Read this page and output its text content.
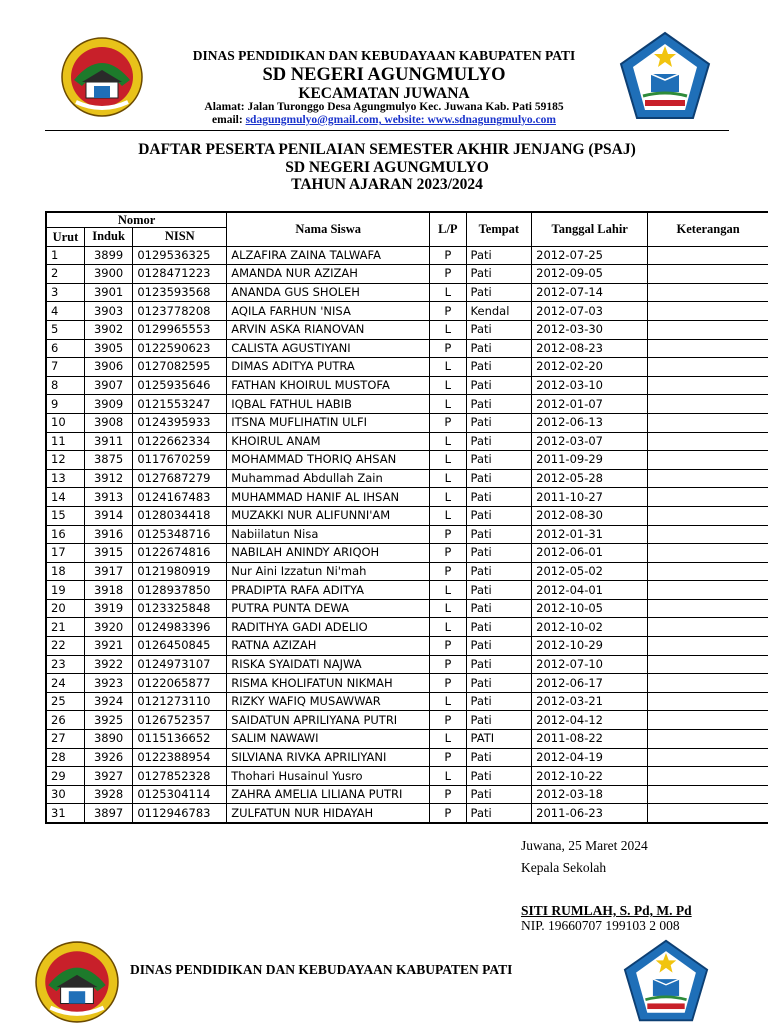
DINAS PENDIDIKAN DAN KEBUDAYAAN KABUPATEN PATI
SD NEGERI AGUNGMULYO
KECAMATAN JUWANA
Alamat: Jalan Turonggo Desa Agungmulyo Kec. Juwana Kab. Pati 59185
email: sdagungmulyo@gmail.com, website: www.sdnagungmulyo.com
DAFTAR PESERTA PENILAIAN SEMESTER AKHIR JENJANG (PSAJ)
SD NEGERI AGUNGMULYO
TAHUN AJARAN 2023/2024
Nomor			Nama Siswa	L/P	Tempat	Tanggal Lahir	Keterangan
Urut	Induk	NISN					
1	3899	0129536325	ALZAFIRA ZAINA TALWAFA	P	Pati	2012-07-25	
2	3900	0128471223	AMANDA NUR AZIZAH	P	Pati	2012-09-05	
3	3901	0123593568	ANANDA GUS SHOLEH	L	Pati	2012-07-14	
4	3903	0123778208	AQILA FARHUN 'NISA	P	Kendal	2012-07-03	
5	3902	0129965553	ARVIN ASKA RIANOVAN	L	Pati	2012-03-30	
6	3905	0122590623	CALISTA AGUSTIYANI	P	Pati	2012-08-23	
7	3906	0127082595	DIMAS ADITYA PUTRA	L	Pati	2012-02-20	
8	3907	0125935646	FATHAN KHOIRUL MUSTOFA	L	Pati	2012-03-10	
9	3909	0121553247	IQBAL FATHUL HABIB	L	Pati	2012-01-07	
10	3908	0124395933	ITSNA MUFLIHATIN ULFI	P	Pati	2012-06-13	
11	3911	0122662334	KHOIRUL ANAM	L	Pati	2012-03-07	
12	3875	0117670259	MOHAMMAD THORIQ AHSAN	L	Pati	2011-09-29	
13	3912	0127687279	Muhammad Abdullah Zain	L	Pati	2012-05-28	
14	3913	0124167483	MUHAMMAD HANIF AL IHSAN	L	Pati	2011-10-27	
15	3914	0128034418	MUZAKKI NUR ALIFUNNI'AM	L	Pati	2012-08-30	
16	3916	0125348716	Nabiilatun Nisa	P	Pati	2012-01-31	
17	3915	0122674816	NABILAH ANINDY ARIQOH	P	Pati	2012-06-01	
18	3917	0121980919	Nur Aini Izzatun Ni'mah	P	Pati	2012-05-02	
19	3918	0128937850	PRADIPTA RAFA ADITYA	L	Pati	2012-04-01	
20	3919	0123325848	PUTRA PUNTA DEWA	L	Pati	2012-10-05	
21	3920	0124983396	RADITHYA GADI ADELIO	L	Pati	2012-10-02	
22	3921	0126450845	RATNA AZIZAH	P	Pati	2012-10-29	
23	3922	0124973107	RISKA SYAIDATI NAJWA	P	Pati	2012-07-10	
24	3923	0122065877	RISMA KHOLIFATUN NIKMAH	P	Pati	2012-06-17	
25	3924	0121273110	RIZKY WAFIQ MUSAWWAR	L	Pati	2012-03-21	
26	3925	0126752357	SAIDATUN APRILIYANA PUTRI	P	Pati	2012-04-12	
27	3890	0115136652	SALIM NAWAWI	L	PATI	2011-08-22	
28	3926	0122388954	SILVIANA RIVKA APRILIYANI	P	Pati	2012-04-19	
29	3927	0127852328	Thohari Husainul Yusro	L	Pati	2012-10-22	
30	3928	0125304114	ZAHRA AMELIA LILIANA PUTRI	P	Pati	2012-03-18	
31	3897	0112946783	ZULFATUN NUR HIDAYAH	P	Pati	2011-06-23	
Juwana, 25 Maret 2024
Kepala Sekolah
SITI RUMLAH, S. Pd, M. Pd
NIP. 19660707 199103 2 008
DINAS PENDIDIKAN DAN KEBUDAYAAN KABUPATEN PATI
